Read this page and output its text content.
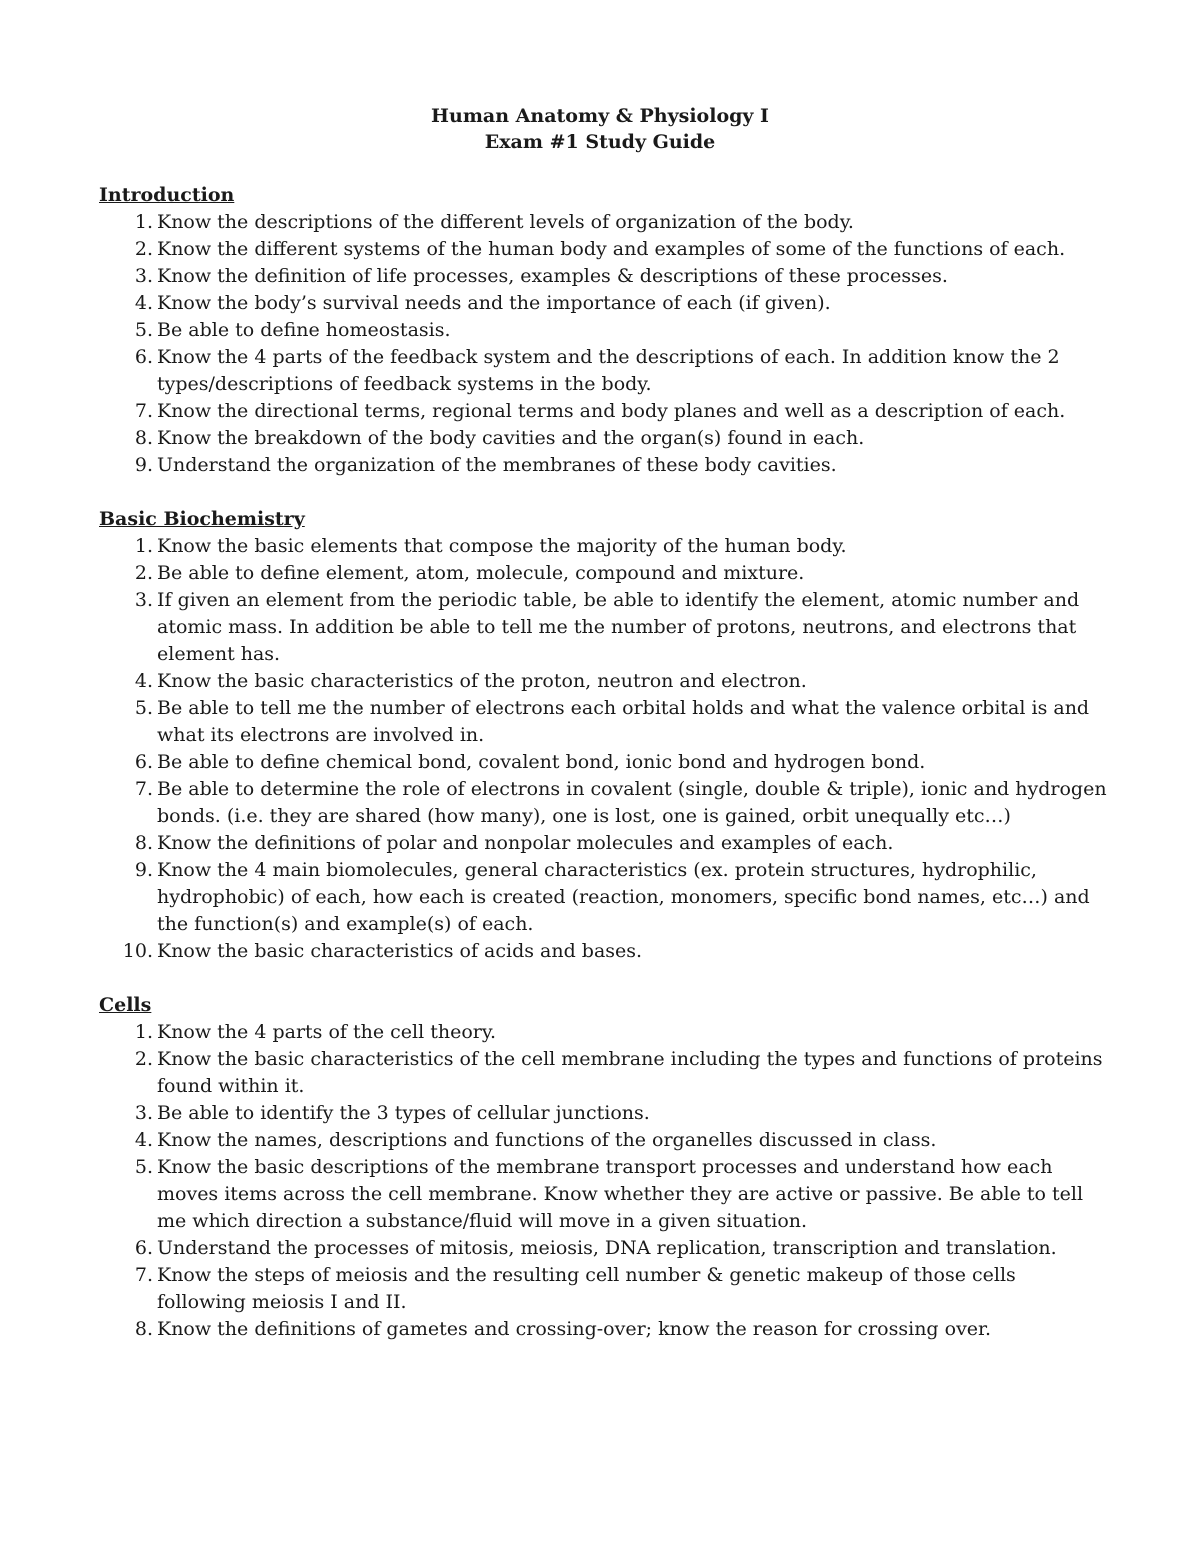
Human Anatomy & Physiology I
Exam #1 Study Guide
Introduction
1. Know the descriptions of the different levels of organization of the body.
2. Know the different systems of the human body and examples of some of the functions of each.
3. Know the definition of life processes, examples & descriptions of these processes.
4. Know the body’s survival needs and the importance of each (if given).
5. Be able to define homeostasis.
6. Know the 4 parts of the feedback system and the descriptions of each. In addition know the 2 types/descriptions of feedback systems in the body.
7. Know the directional terms, regional terms and body planes and well as a description of each.
8. Know the breakdown of the body cavities and the organ(s) found in each.
9. Understand the organization of the membranes of these body cavities.
Basic Biochemistry
1. Know the basic elements that compose the majority of the human body.
2. Be able to define element, atom, molecule, compound and mixture.
3. If given an element from the periodic table, be able to identify the element, atomic number and atomic mass. In addition be able to tell me the number of protons, neutrons, and electrons that element has.
4. Know the basic characteristics of the proton, neutron and electron.
5. Be able to tell me the number of electrons each orbital holds and what the valence orbital is and what its electrons are involved in.
6. Be able to define chemical bond, covalent bond, ionic bond and hydrogen bond.
7. Be able to determine the role of electrons in covalent (single, double & triple), ionic and hydrogen bonds. (i.e. they are shared (how many), one is lost, one is gained, orbit unequally etc…)
8. Know the definitions of polar and nonpolar molecules and examples of each.
9. Know the 4 main biomolecules, general characteristics (ex. protein structures, hydrophilic, hydrophobic) of each, how each is created (reaction, monomers, specific bond names, etc…) and the function(s) and example(s) of each.
10. Know the basic characteristics of acids and bases.
Cells
1. Know the 4 parts of the cell theory.
2. Know the basic characteristics of the cell membrane including the types and functions of proteins found within it.
3. Be able to identify the 3 types of cellular junctions.
4. Know the names, descriptions and functions of the organelles discussed in class.
5. Know the basic descriptions of the membrane transport processes and understand how each moves items across the cell membrane. Know whether they are active or passive. Be able to tell me which direction a substance/fluid will move in a given situation.
6. Understand the processes of mitosis, meiosis, DNA replication, transcription and translation.
7. Know the steps of meiosis and the resulting cell number & genetic makeup of those cells following meiosis I and II.
8. Know the definitions of gametes and crossing-over; know the reason for crossing over.
